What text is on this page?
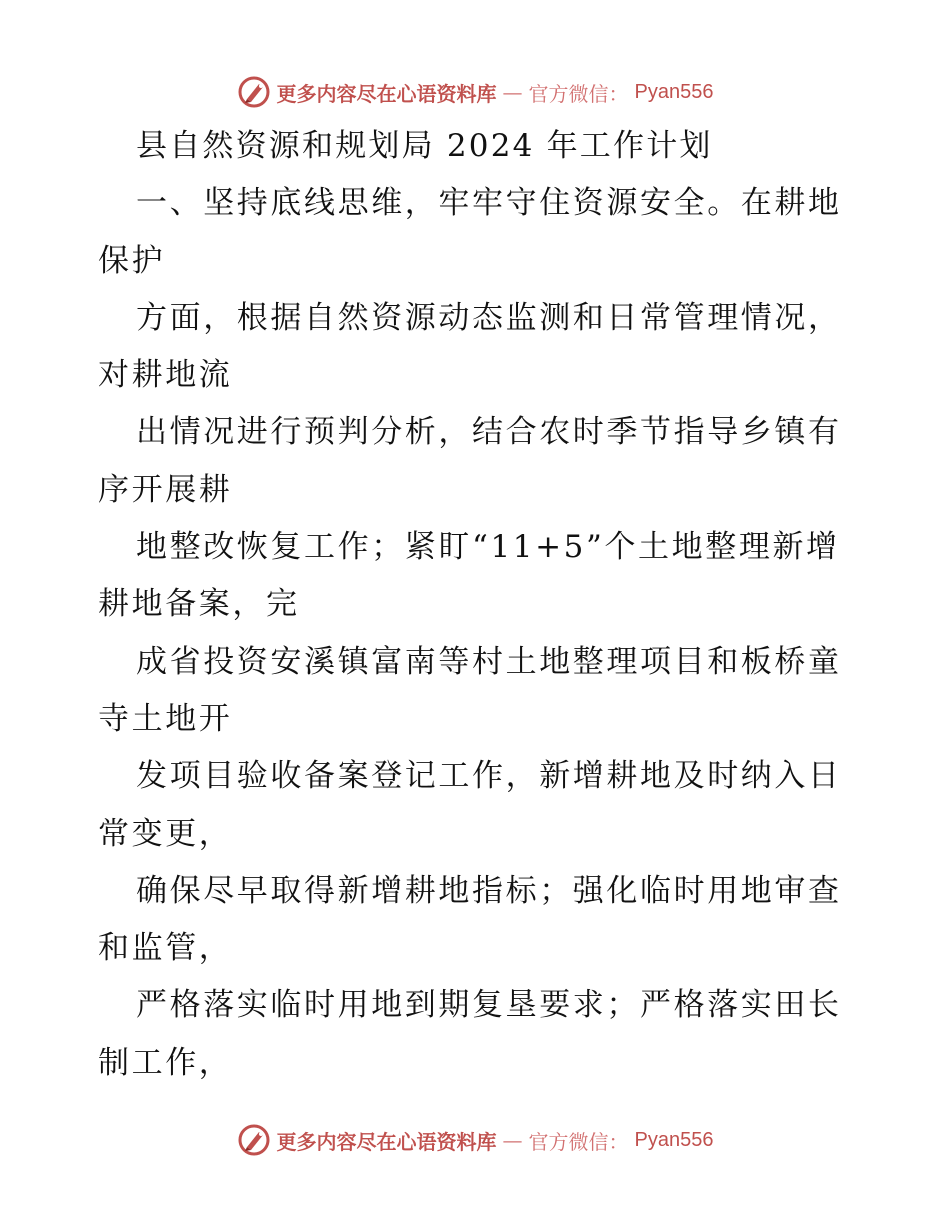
更多内容尽在心语资料库 — 官方微信： Pyan556
县自然资源和规划局 2024 年工作计划
一、坚持底线思维，牢牢守住资源安全。在耕地
保护
方面，根据自然资源动态监测和日常管理情况，
对耕地流
出情况进行预判分析，结合农时季节指导乡镇有
序开展耕
地整改恢复工作；紧盯“11+5”个土地整理新增
耕地备案，完
成省投资安溪镇富南等村土地整理项目和板桥童
寺土地开
发项目验收备案登记工作，新增耕地及时纳入日
常变更，
确保尽早取得新增耕地指标；强化临时用地审查
和监管，
严格落实临时用地到期复垦要求；严格落实田长
制工作，
更多内容尽在心语资料库 — 官方微信： Pyan556
